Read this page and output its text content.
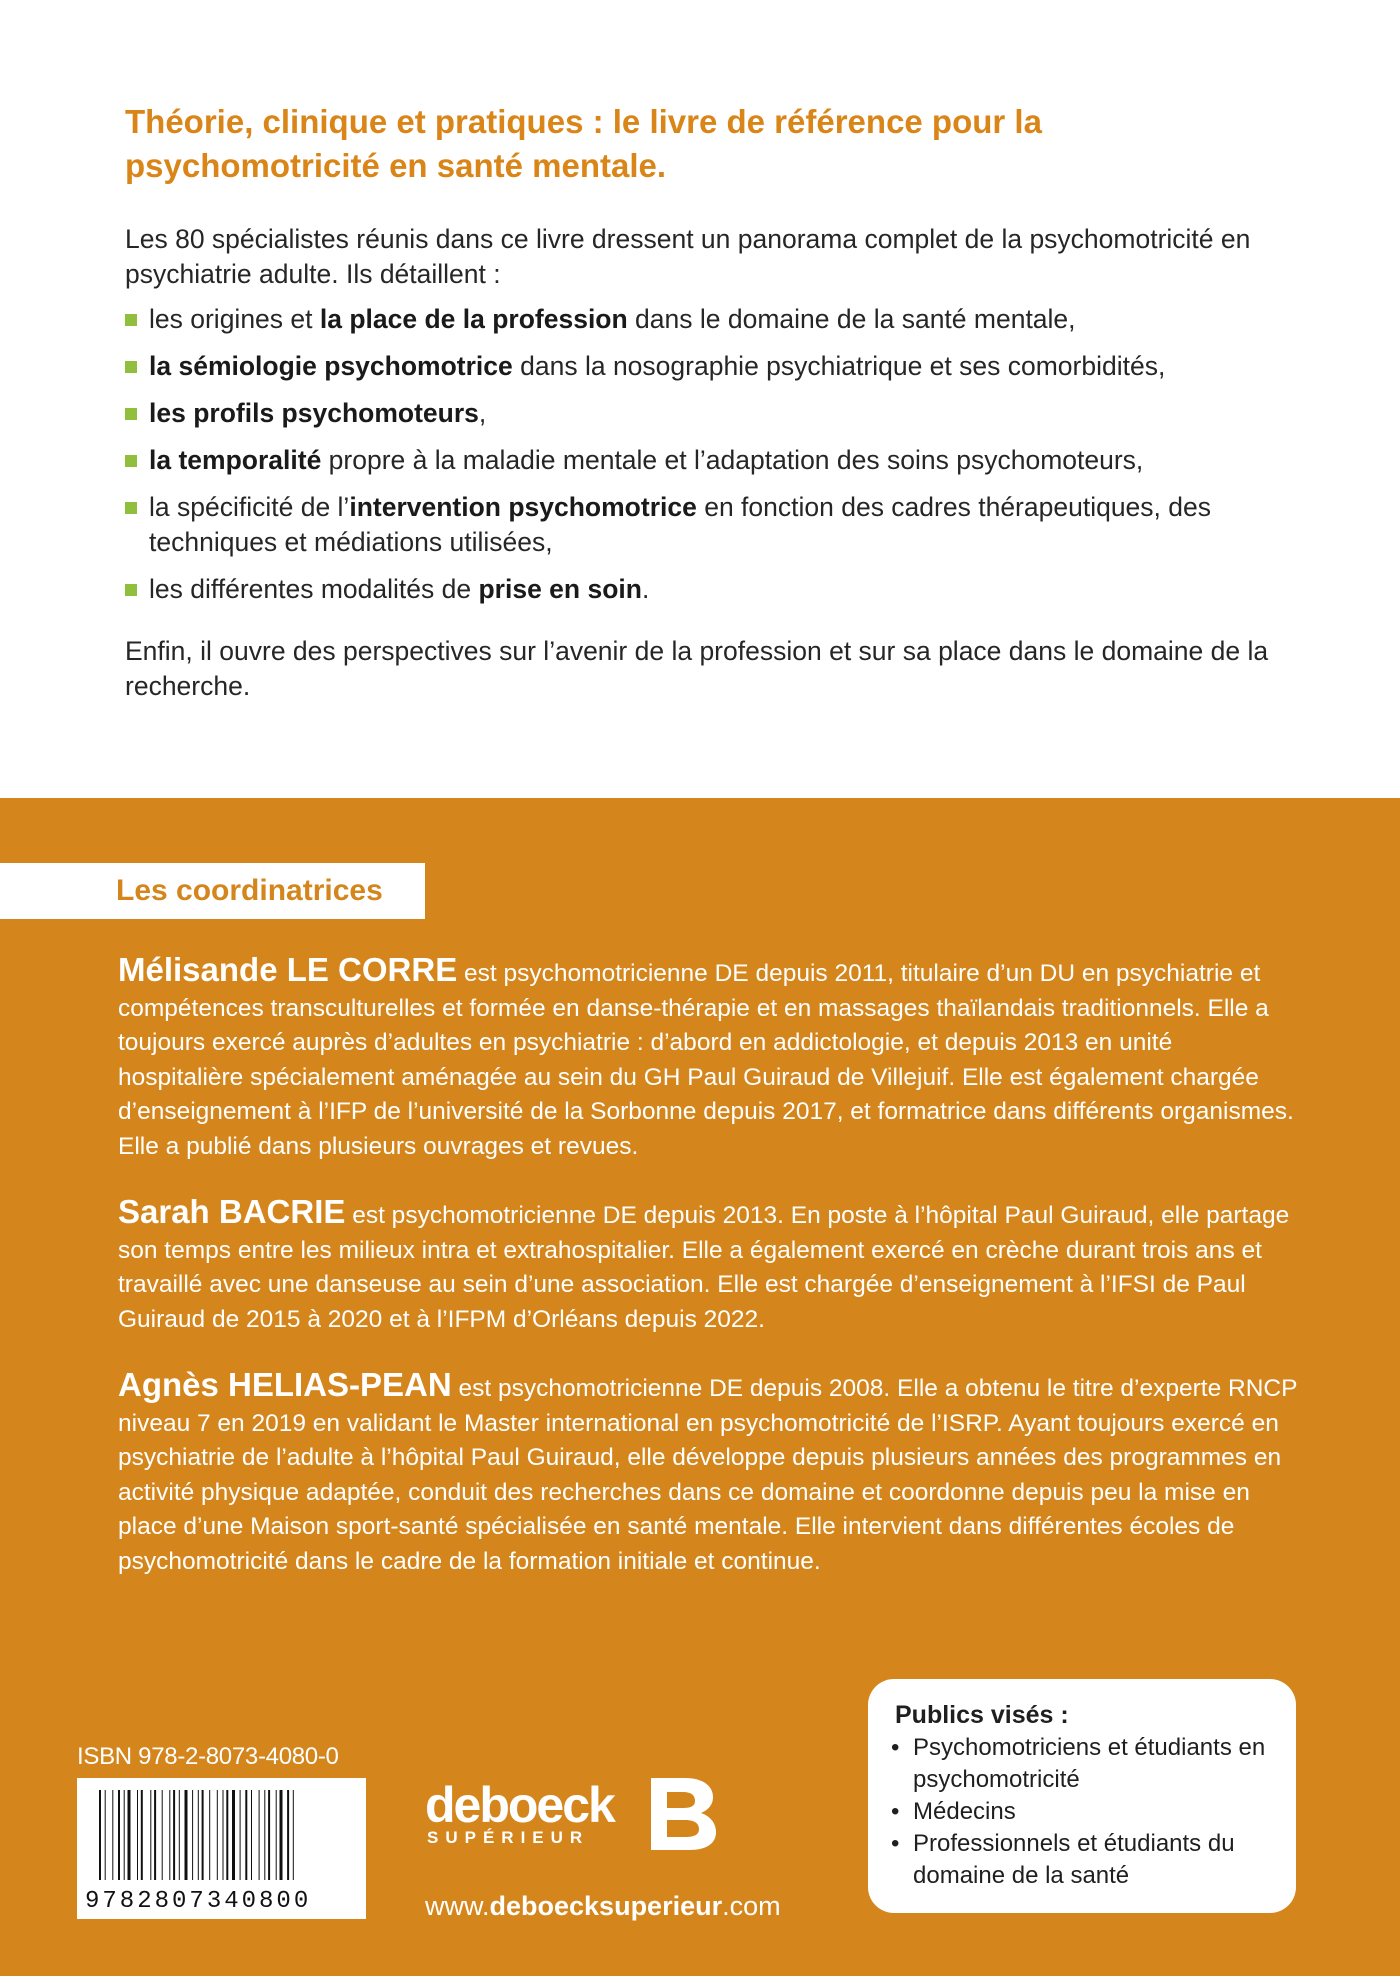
Théorie, clinique et pratiques : le livre de référence pour la psychomotricité en santé mentale.

Les 80 spécialistes réunis dans ce livre dressent un panorama complet de la psychomotricité en psychiatrie adulte. Ils détaillent :

les origines et la place de la profession dans le domaine de la santé mentale,
la sémiologie psychomotrice dans la nosographie psychiatrique et ses comorbidités,
les profils psychomoteurs,
la temporalité propre à la maladie mentale et l’adaptation des soins psychomoteurs,
la spécificité de l’intervention psychomotrice en fonction des cadres thérapeutiques, des techniques et médiations utilisées,
les différentes modalités de prise en soin.

Enfin, il ouvre des perspectives sur l’avenir de la profession et sur sa place dans le domaine de la recherche.

Les coordinatrices

Mélisande LE CORRE est psychomotricienne DE depuis 2011, titulaire d’un DU en psychiatrie et compétences transculturelles et formée en danse-thérapie et en massages thaïlandais traditionnels. Elle a toujours exercé auprès d’adultes en psychiatrie : d’abord en addictologie, et depuis 2013 en unité hospitalière spécialement aménagée au sein du GH Paul Guiraud de Villejuif. Elle est également chargée d’enseignement à l’IFP de l’université de la Sorbonne depuis 2017, et formatrice dans différents organismes. Elle a publié dans plusieurs ouvrages et revues.

Sarah BACRIE est psychomotricienne DE depuis 2013. En poste à l’hôpital Paul Guiraud, elle partage son temps entre les milieux intra et extrahospitalier. Elle a également exercé en crèche durant trois ans et travaillé avec une danseuse au sein d’une association. Elle est chargée d’enseignement à l’IFSI de Paul Guiraud de 2015 à 2020 et à l’IFPM d’Orléans depuis 2022.

Agnès HELIAS-PEAN est psychomotricienne DE depuis 2008. Elle a obtenu le titre d’experte RNCP niveau 7 en 2019 en validant le Master international en psychomotricité de l’ISRP. Ayant toujours exercé en psychiatrie de l’adulte à l’hôpital Paul Guiraud, elle développe depuis plusieurs années des programmes en activité physique adaptée, conduit des recherches dans ce domaine et coordonne depuis peu la mise en place d’une Maison sport-santé spécialisée en santé mentale. Elle intervient dans différentes écoles de psychomotricité dans le cadre de la formation initiale et continue.

ISBN 978-2-8073-4080-0

9782807340800

deboeck

SUPÉRIEUR

www.deboecksuperieur.com

Publics visés :

• Psychomotriciens et étudiants en psychomotricité
• Médecins
• Professionnels et étudiants du domaine de la santé
